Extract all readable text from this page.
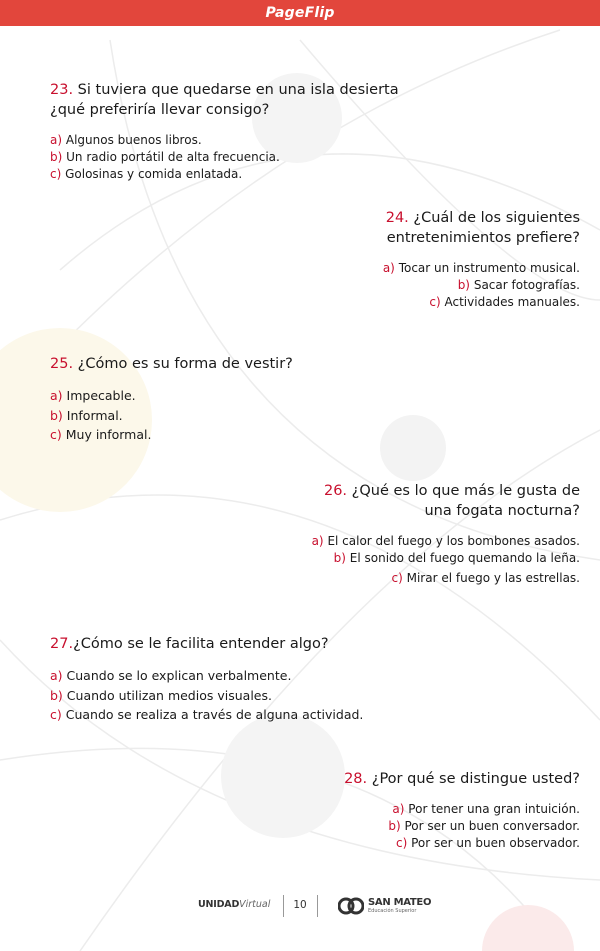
PageFlip
23. Si tuviera que quedarse en una isla desierta
¿qué preferiría llevar consigo?
a) Algunos buenos libros.
b) Un radio portátil de alta frecuencia.
c) Golosinas y comida enlatada.
24. ¿Cuál de los siguientes
entretenimientos prefiere?
a) Tocar un instrumento musical.
b) Sacar fotografías.
c) Actividades manuales.
25. ¿Cómo es su forma de vestir?
a) Impecable.
b) Informal.
c) Muy informal.
26. ¿Qué es lo que más le gusta de
una fogata nocturna?
a) El calor del fuego y los bombones asados.
b) El sonido del fuego quemando la leña.
c) Mirar el fuego y las estrellas.
27.¿Cómo se le facilita entender algo?
a) Cuando se lo explican verbalmente.
b) Cuando utilizan medios visuales.
c) Cuando se realiza a través de alguna actividad.
28. ¿Por qué se distingue usted?
a) Por tener una gran intuición.
b) Por ser un buen conversador.
c) Por ser un buen observador.
UNIDADVirtual	10	SAN MATEO
Educación Superior
